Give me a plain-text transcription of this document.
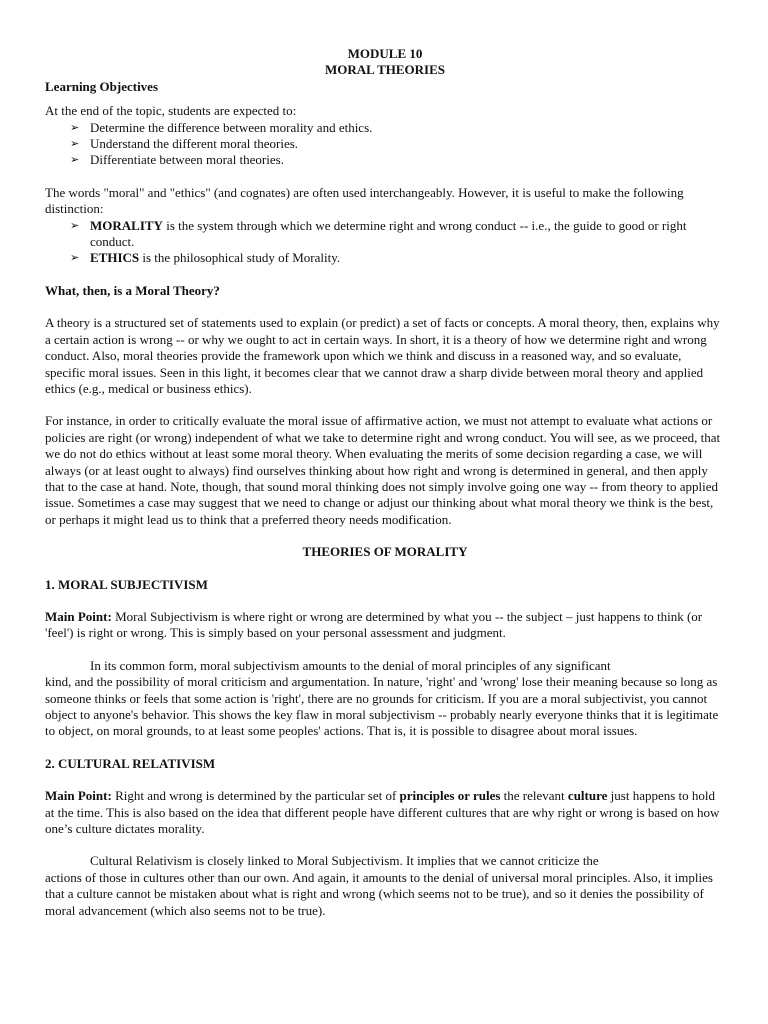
MODULE 10

MORAL THEORIES

Learning Objectives

At the end of the topic, students are expected to:

➢ Determine the difference between morality and ethics.
➢ Understand the different moral theories.
➢ Differentiate between moral theories.

The words "moral" and "ethics" (and cognates) are often used interchangeably. However, it is useful to make the following distinction:

➢ MORALITY is the system through which we determine right and wrong conduct -- i.e., the guide to good or right conduct.
➢ ETHICS is the philosophical study of Morality.

What, then, is a Moral Theory?

A theory is a structured set of statements used to explain (or predict) a set of facts or concepts. A moral theory, then, explains why a certain action is wrong -- or why we ought to act in certain ways. In short, it is a theory of how we determine right and wrong conduct. Also, moral theories provide the framework upon which we think and discuss in a reasoned way, and so evaluate, specific moral issues. Seen in this light, it becomes clear that we cannot draw a sharp divide between moral theory and applied ethics (e.g., medical or business ethics).

For instance, in order to critically evaluate the moral issue of affirmative action, we must not attempt to evaluate what actions or policies are right (or wrong) independent of what we take to determine right and wrong conduct. You will see, as we proceed, that we do not do ethics without at least some moral theory. When evaluating the merits of some decision regarding a case, we will always (or at least ought to always) find ourselves thinking about how right and wrong is determined in general, and then apply that to the case at hand. Note, though, that sound moral thinking does not simply involve going one way -- from theory to applied issue. Sometimes a case may suggest that we need to change or adjust our thinking about what moral theory we think is the best, or perhaps it might lead us to think that a preferred theory needs modification.

THEORIES OF MORALITY

1. MORAL SUBJECTIVISM

Main Point: Moral Subjectivism is where right or wrong are determined by what you -- the subject – just happens to think (or 'feel') is right or wrong. This is simply based on your personal assessment and judgment.

In its common form, moral subjectivism amounts to the denial of moral principles of any significant

kind, and the possibility of moral criticism and argumentation. In nature, 'right' and 'wrong' lose their meaning because so long as someone thinks or feels that some action is 'right', there are no grounds for criticism. If you are a moral subjectivist, you cannot object to anyone's behavior. This shows the key flaw in moral subjectivism -- probably nearly everyone thinks that it is legitimate to object, on moral grounds, to at least some peoples' actions. That is, it is possible to disagree about moral issues.

2. CULTURAL RELATIVISM

Main Point: Right and wrong is determined by the particular set of principles or rules the relevant culture just happens to hold at the time. This is also based on the idea that different people have different cultures that are why right or wrong is based on how one’s culture dictates morality.

Cultural Relativism is closely linked to Moral Subjectivism. It implies that we cannot criticize the

actions of those in cultures other than our own. And again, it amounts to the denial of universal moral principles. Also, it implies that a culture cannot be mistaken about what is right and wrong (which seems not to be true), and so it denies the possibility of moral advancement (which also seems not to be true).
